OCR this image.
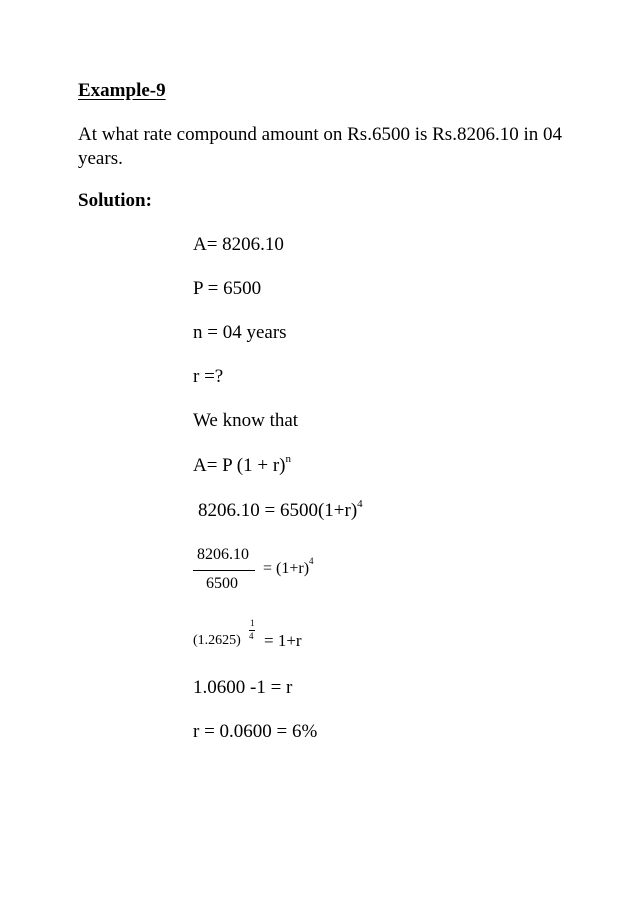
Example-9
At what rate compound amount on Rs.6500 is Rs.8206.10 in 04 years.
Solution:
A= 8206.10
P = 6500
n = 04 years
r =?
We know that
A= P $(1 + r)^n$
$8206.10 = 6500(1+r)^4$
8206.10
6500
= $(1+r)^4$
(1.2625)
1
4 = 1+r
1.0600 -1 = r
r = 0.0600 = 6%
